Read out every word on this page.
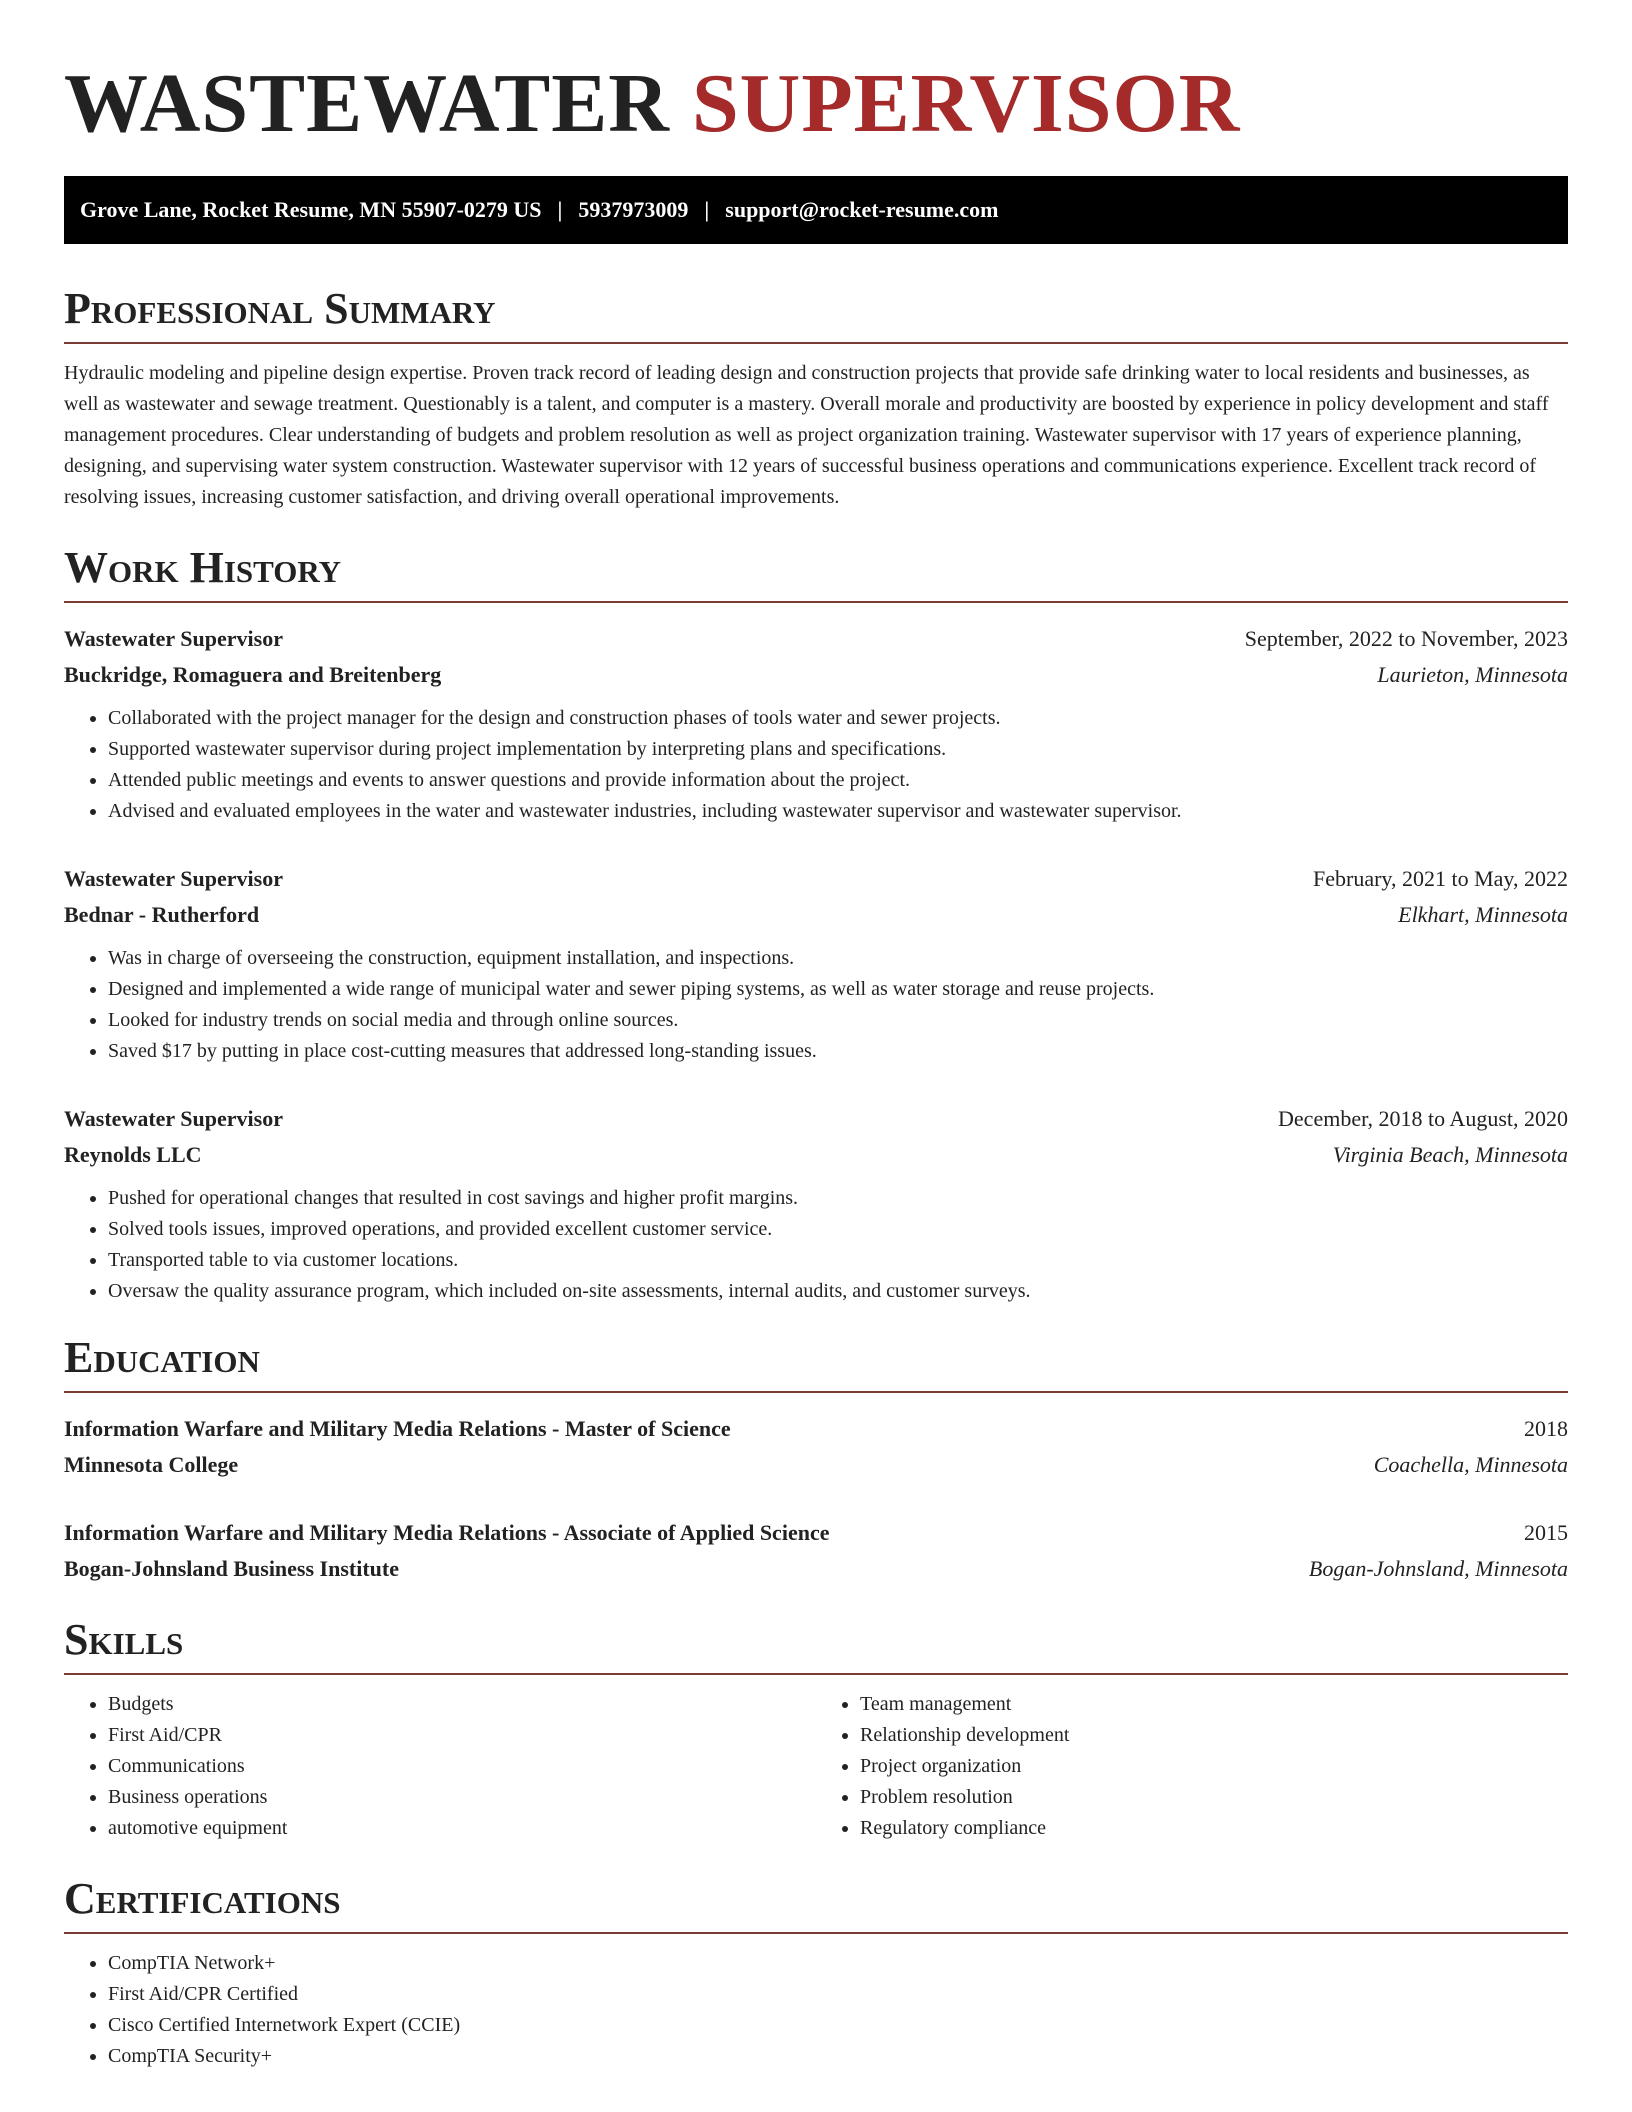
WASTEWATER SUPERVISOR
Grove Lane, Rocket Resume, MN 55907-0279 US | 5937973009 | support@rocket-resume.com
Professional Summary

Hydraulic modeling and pipeline design expertise. Proven track record of leading design and construction projects that provide safe drinking water to local residents and businesses, as well as wastewater and sewage treatment. Questionably is a talent, and computer is a mastery. Overall morale and productivity are boosted by experience in policy development and staff management procedures. Clear understanding of budgets and problem resolution as well as project organization training. Wastewater supervisor with 17 years of experience planning, designing, and supervising water system construction. Wastewater supervisor with 12 years of successful business operations and communications experience. Excellent track record of resolving issues, increasing customer satisfaction, and driving overall operational improvements.

Work History
Wastewater Supervisor	September, 2022 to November, 2023
Buckridge, Romaguera and Breitenberg	Laurieton, Minnesota
• Collaborated with the project manager for the design and construction phases of tools water and sewer projects.
• Supported wastewater supervisor during project implementation by interpreting plans and specifications.
• Attended public meetings and events to answer questions and provide information about the project.
• Advised and evaluated employees in the water and wastewater industries, including wastewater supervisor and wastewater supervisor.
Wastewater Supervisor	February, 2021 to May, 2022
Bednar - Rutherford	Elkhart, Minnesota
• Was in charge of overseeing the construction, equipment installation, and inspections.
• Designed and implemented a wide range of municipal water and sewer piping systems, as well as water storage and reuse projects.
• Looked for industry trends on social media and through online sources.
• Saved $17 by putting in place cost-cutting measures that addressed long-standing issues.
Wastewater Supervisor	December, 2018 to August, 2020
Reynolds LLC	Virginia Beach, Minnesota
• Pushed for operational changes that resulted in cost savings and higher profit margins.
• Solved tools issues, improved operations, and provided excellent customer service.
• Transported table to via customer locations.
• Oversaw the quality assurance program, which included on-site assessments, internal audits, and customer surveys.
Education
Information Warfare and Military Media Relations - Master of Science	2018
Minnesota College	Coachella, Minnesota
Information Warfare and Military Media Relations - Associate of Applied Science	2015
Bogan-Johnsland Business Institute	Bogan-Johnsland, Minnesota
Skills
• Budgets
• First Aid/CPR
• Communications
• Business operations
• automotive equipment
• Team management
• Relationship development
• Project organization
• Problem resolution
• Regulatory compliance
Certifications
• CompTIA Network+
• First Aid/CPR Certified
• Cisco Certified Internetwork Expert (CCIE)
• CompTIA Security+
